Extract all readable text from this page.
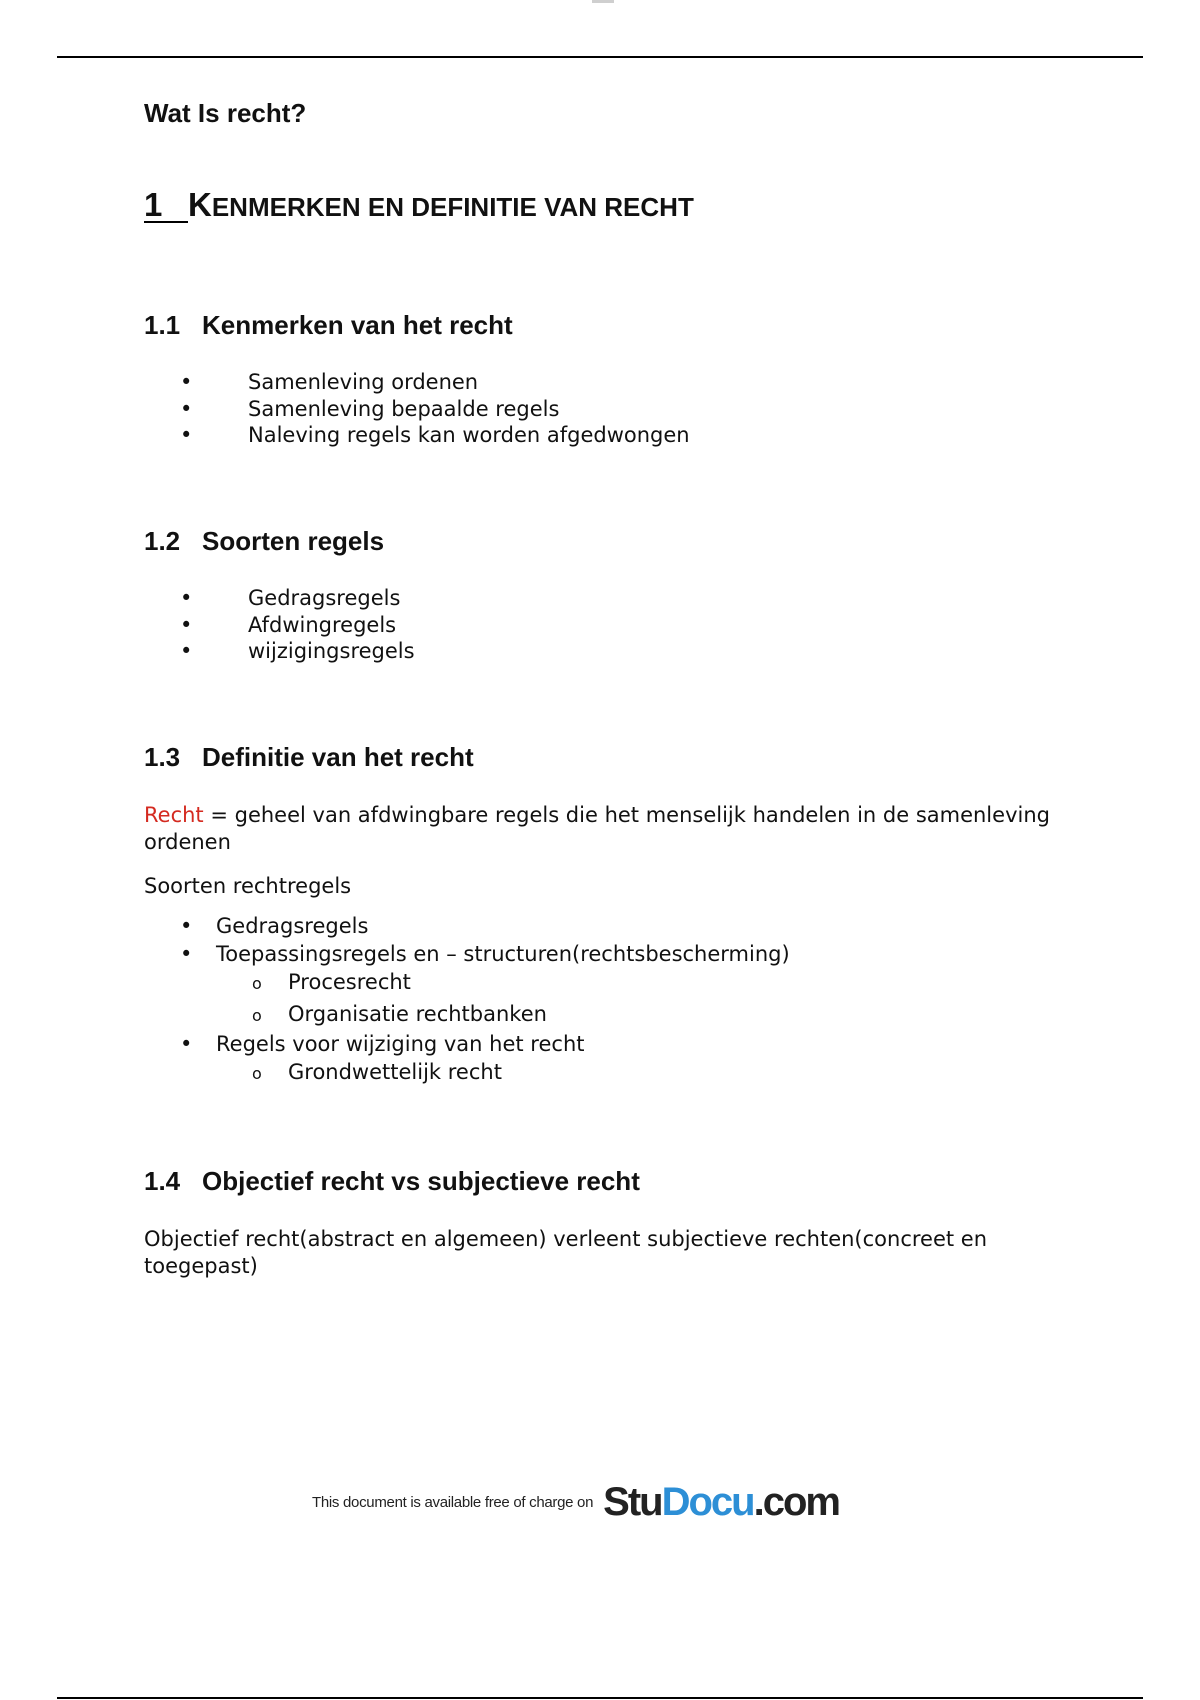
Wat Is recht?
1 KENMERKEN EN DEFINITIE VAN RECHT
1.1 Kenmerken van het recht
•	Samenleving ordenen
•	Samenleving bepaalde regels
•	Naleving regels kan worden afgedwongen
1.2 Soorten regels
•	Gedragsregels
•	Afdwingregels
•	wijzigingsregels
1.3 Definitie van het recht

Recht = geheel van afdwingbare regels die het menselijk handelen in de samenleving ordenen

Soorten rechtregels

• Gedragsregels
• Toepassingsregels en – structuren(rechtsbescherming)
o Procesrecht
o Organisatie rechtbanken
• Regels voor wijziging van het recht
o Grondwettelijk recht
1.4 Objectief recht vs subjectieve recht

Objectief recht(abstract en algemeen) verleent subjectieve rechten(concreet en toegepast)

This document is available free of charge on StuDocu.com
